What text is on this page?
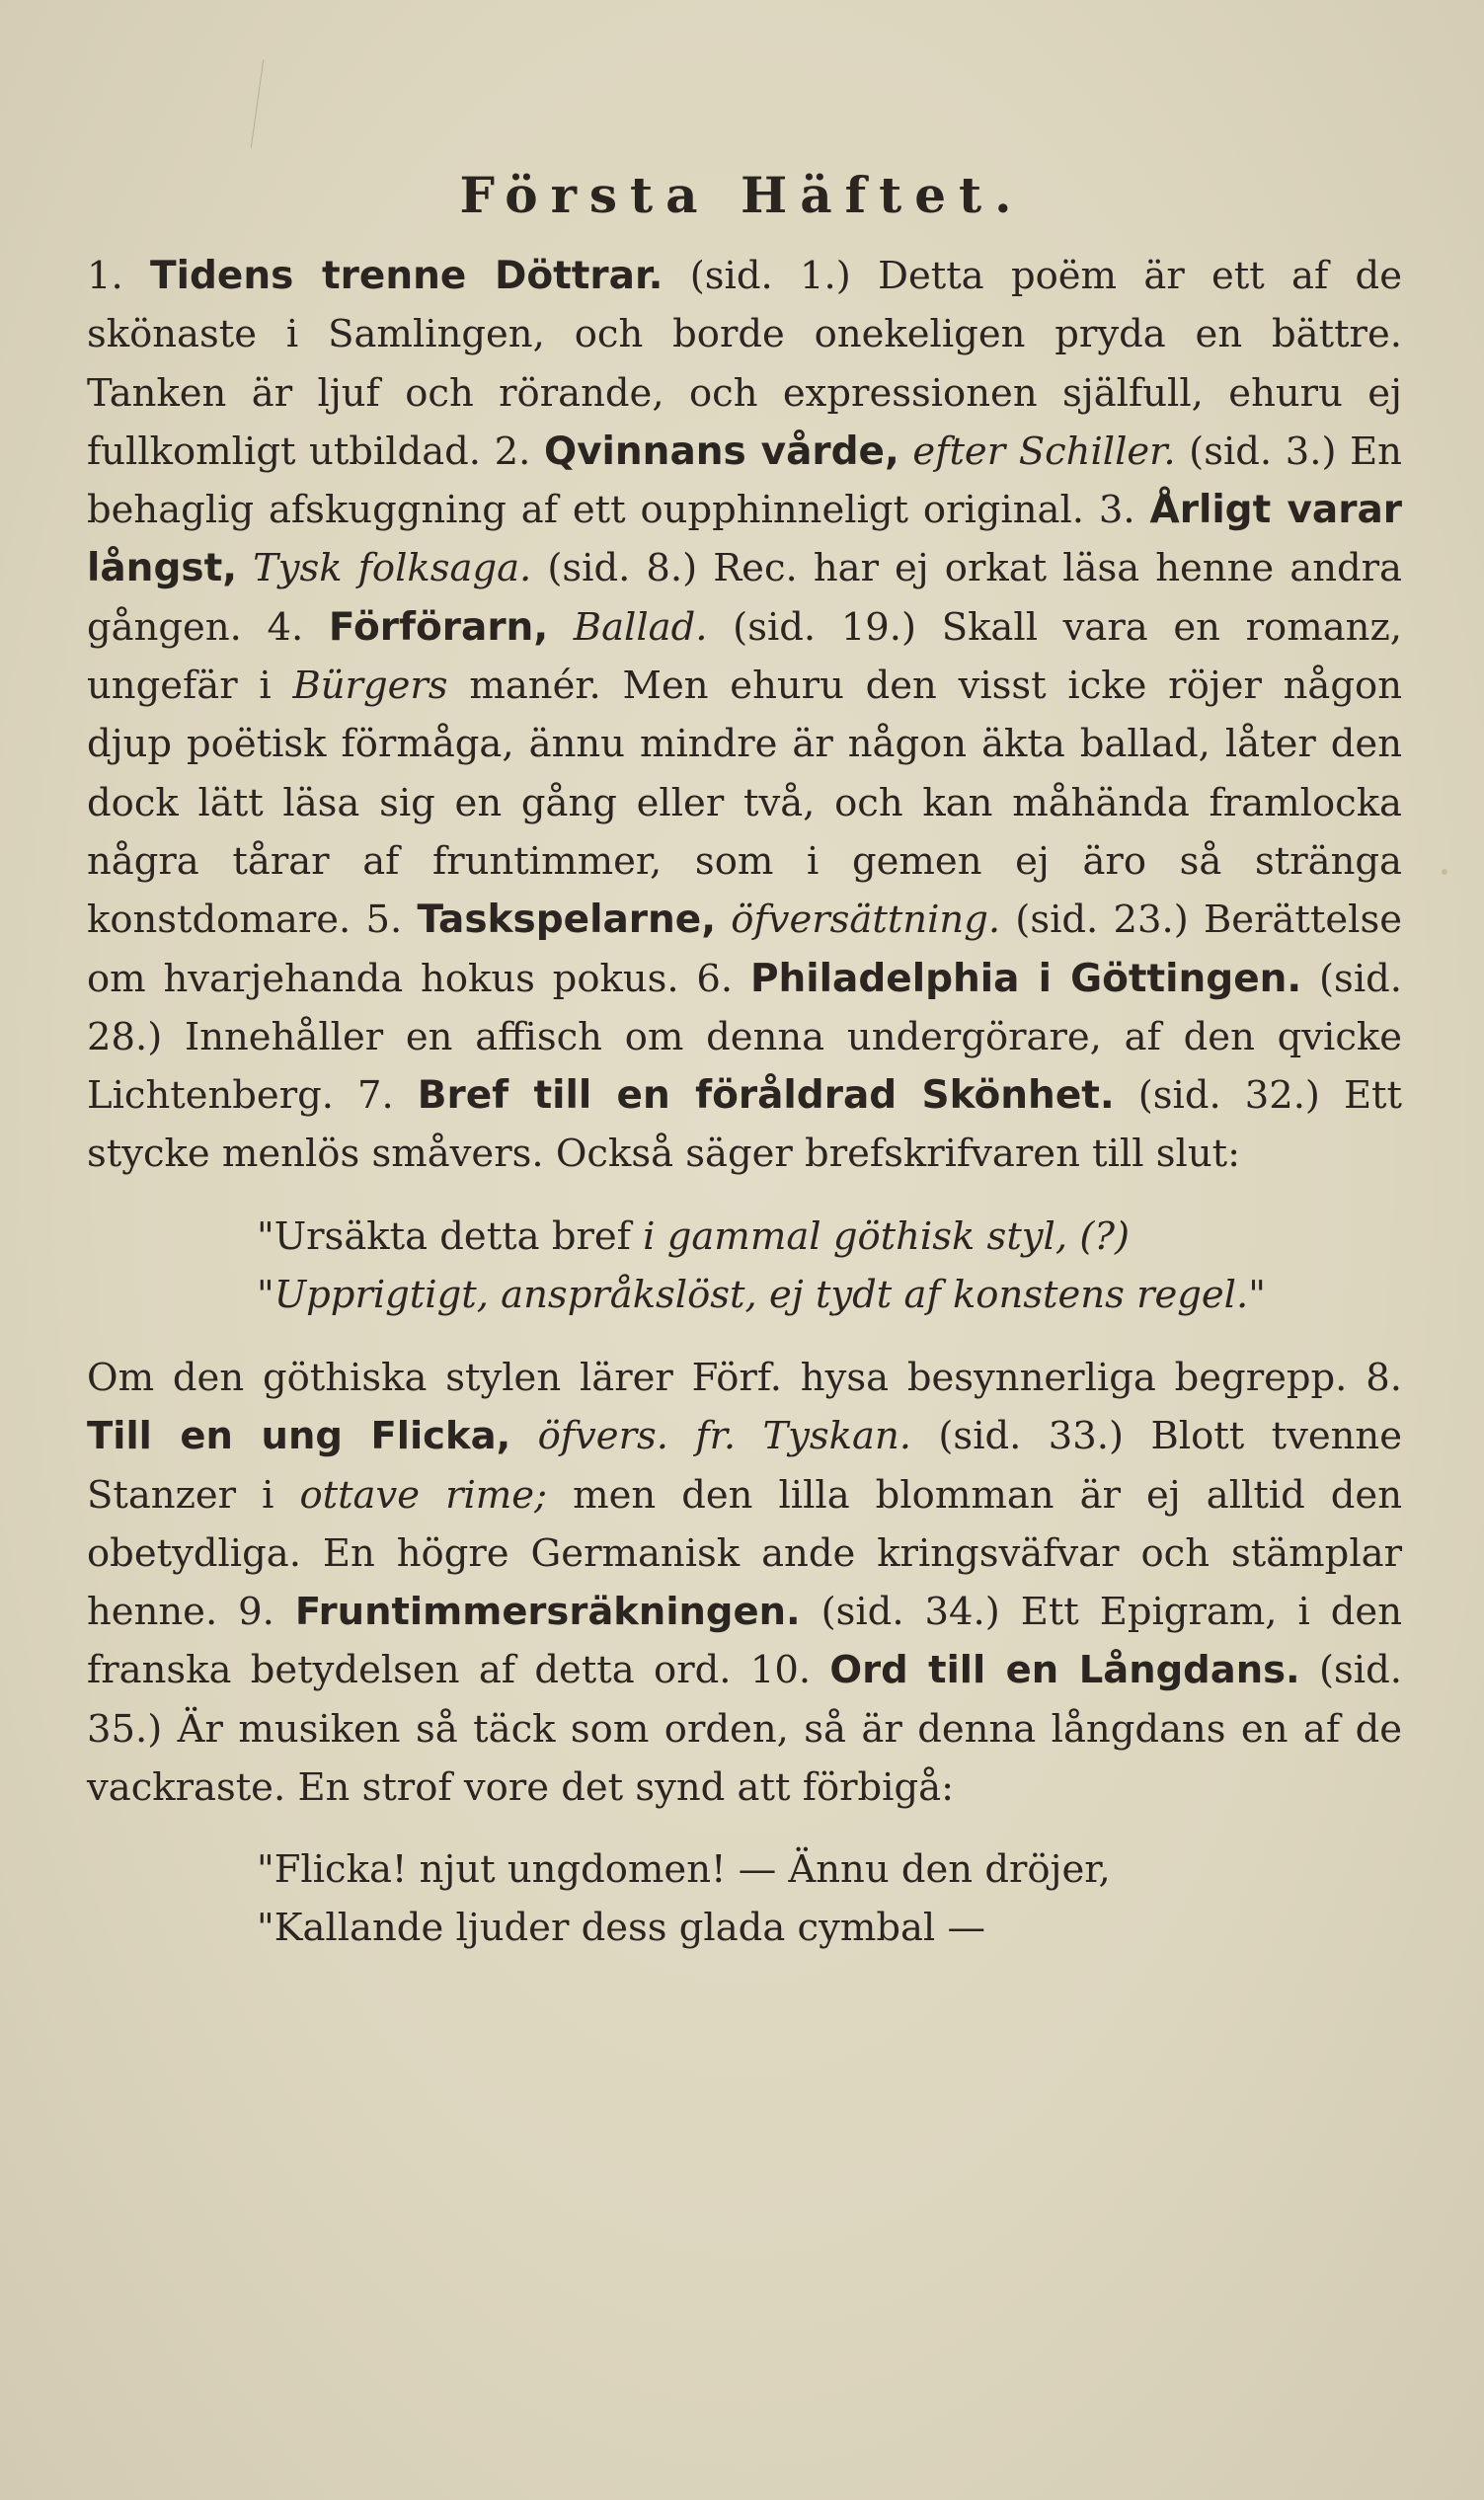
Första Häftet.

1. Tidens trenne Döttrar. (sid. 1.) Detta poëm är ett af de skönaste i Samlingen, och borde onekeligen pryda en bättre. Tanken är ljuf och rörande, och expressionen själfull, ehuru ej fullkomligt utbildad. 2. Qvinnans vårde, efter Schiller. (sid. 3.) En behaglig afskuggning af ett oupphinneligt original. 3. Årligt varar långst, Tysk folksaga. (sid. 8.) Rec. har ej orkat läsa henne andra gången. 4. Förförarn, Ballad. (sid. 19.) Skall vara en romanz, ungefär i Bürgers manér. Men ehuru den visst icke röjer någon djup poëtisk förmåga, ännu mindre är någon äkta ballad, låter den dock lätt läsa sig en gång eller två, och kan måhända framlocka några tårar af fruntimmer, som i gemen ej äro så stränga konstdomare. 5. Taskspelarne, öfversättning. (sid. 23.) Berättelse om hvarjehanda hokus pokus. 6. Philadelphia i Göttingen. (sid. 28.) Innehåller en affisch om denna undergörare, af den qvicke Lichtenberg. 7. Bref till en föråldrad Skönhet. (sid. 32.) Ett stycke menlös småvers. Också säger brefskrifvaren till slut:

"Ursäkta detta bref i gammal göthisk styl, (?)
"Upprigtigt, anspråkslöst, ej tydt af konstens regel."

Om den göthiska stylen lärer Förf. hysa besynnerliga begrepp. 8. Till en ung Flicka, öfvers. fr. Tyskan. (sid. 33.) Blott tvenne Stanzer i ottave rime; men den lilla blomman är ej alltid den obetydliga. En högre Germanisk ande kringsväfvar och stämplar henne. 9. Fruntimmersräkningen. (sid. 34.) Ett Epigram, i den franska betydelsen af detta ord. 10. Ord till en Långdans. (sid. 35.) Är musiken så täck som orden, så är denna långdans en af de vackraste. En strof vore det synd att förbigå:

"Flicka! njut ungdomen! — Ännu den dröjer,
"Kallande ljuder dess glada cymbal —
